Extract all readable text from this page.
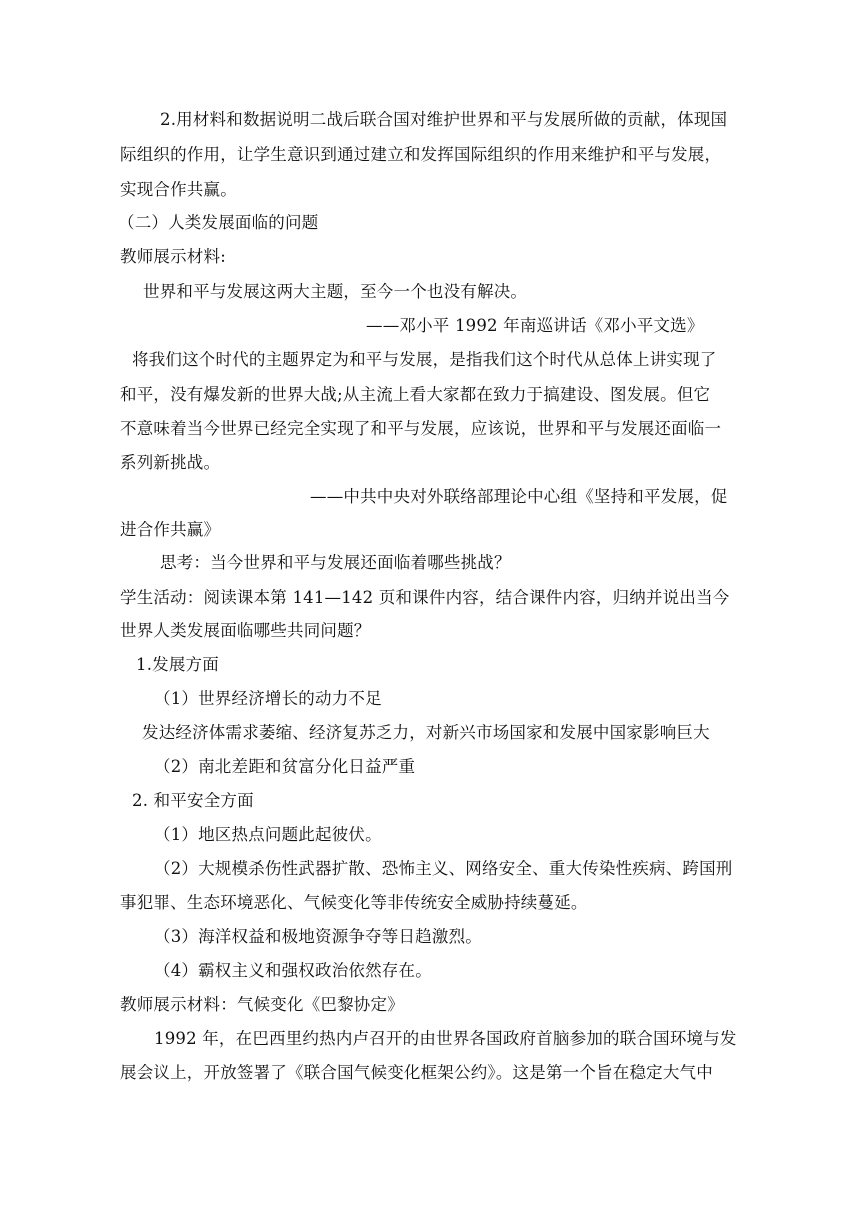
2.用材料和数据说明二战后联合国对维护世界和平与发展所做的贡献，体现国
际组织的作用，让学生意识到通过建立和发挥国际组织的作用来维护和平与发展，
实现合作共赢。
（二）人类发展面临的问题
教师展示材料:
世界和平与发展这两大主题，至今一个也没有解决。
——邓小平 1992 年南巡讲话《邓小平文选》
将我们这个时代的主题界定为和平与发展，是指我们这个时代从总体上讲实现了
和平，没有爆发新的世界大战;从主流上看大家都在致力于搞建设、图发展。但它
不意味着当今世界已经完全实现了和平与发展，应该说，世界和平与发展还面临一
系列新挑战。
——中共中央对外联络部理论中心组《坚持和平发展，促
进合作共赢》
思考：当今世界和平与发展还面临着哪些挑战？
学生活动：阅读课本第 141—142 页和课件内容，结合课件内容，归纳并说出当今
世界人类发展面临哪些共同问题？
1.发展方面
（1）世界经济增长的动力不足
发达经济体需求萎缩、经济复苏乏力，对新兴市场国家和发展中国家影响巨大
（2）南北差距和贫富分化日益严重
2. 和平安全方面
（1）地区热点问题此起彼伏。
（2）大规模杀伤性武器扩散、恐怖主义、网络安全、重大传染性疾病、跨国刑
事犯罪、生态环境恶化、气候变化等非传统安全威胁持续蔓延。
（3）海洋权益和极地资源争夺等日趋激烈。
（4）霸权主义和强权政治依然存在。
教师展示材料：气候变化《巴黎协定》
1992 年，在巴西里约热内卢召开的由世界各国政府首脑参加的联合国环境与发
展会议上，开放签署了《联合国气候变化框架公约》。这是第一个旨在稳定大气中
